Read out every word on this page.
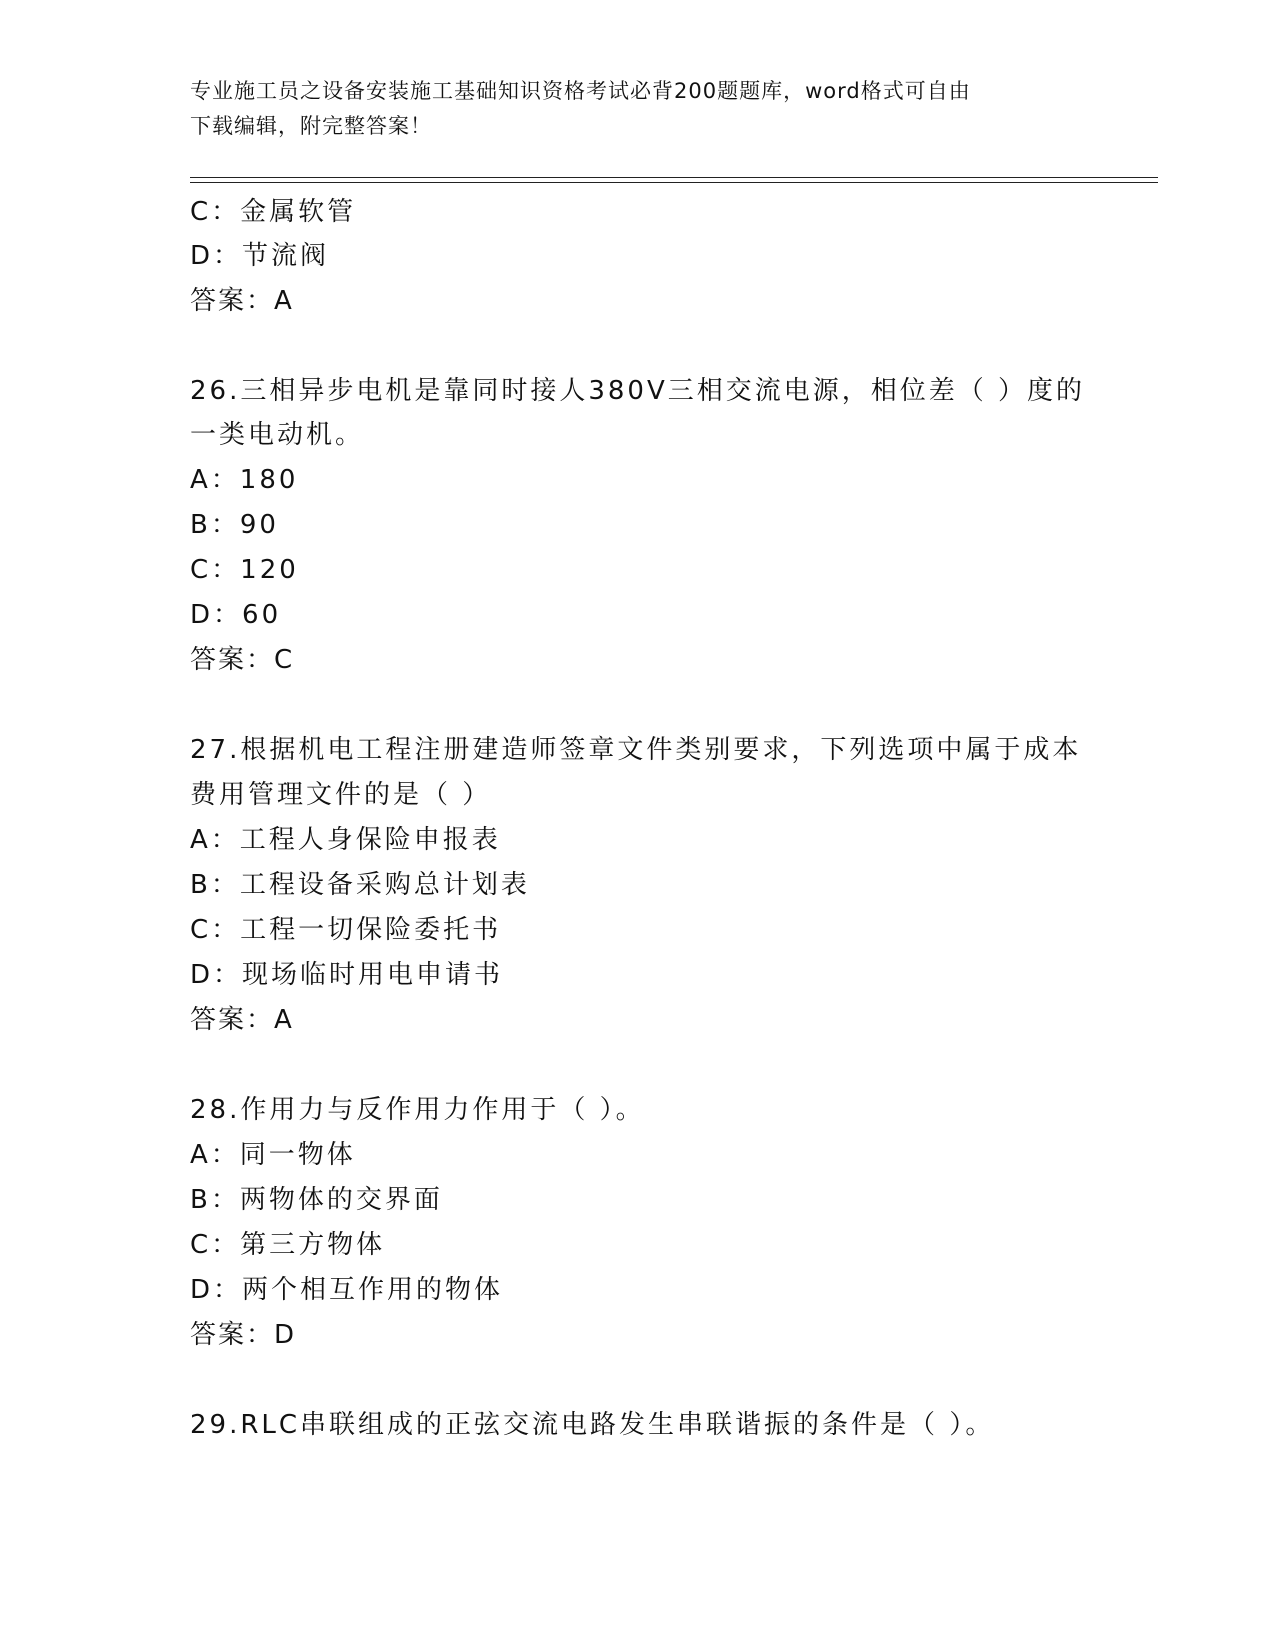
专业施工员之设备安装施工基础知识资格考试必背200题题库，word格式可自由
下载编辑，附完整答案！
C：金属软管
D：节流阀
答案：A
26.三相异步电机是靠同时接人380V三相交流电源，相位差（ ）度的
一类电动机。
A：180
B：90
C：120
D：60
答案：C
27.根据机电工程注册建造师签章文件类别要求，下列选项中属于成本
费用管理文件的是（ ）
A：工程人身保险申报表
B：工程设备采购总计划表
C：工程一切保险委托书
D：现场临时用电申请书
答案：A
28.作用力与反作用力作用于（ ）。
A：同一物体
B：两物体的交界面
C：第三方物体
D：两个相互作用的物体
答案：D
29.RLC串联组成的正弦交流电路发生串联谐振的条件是（ ）。
